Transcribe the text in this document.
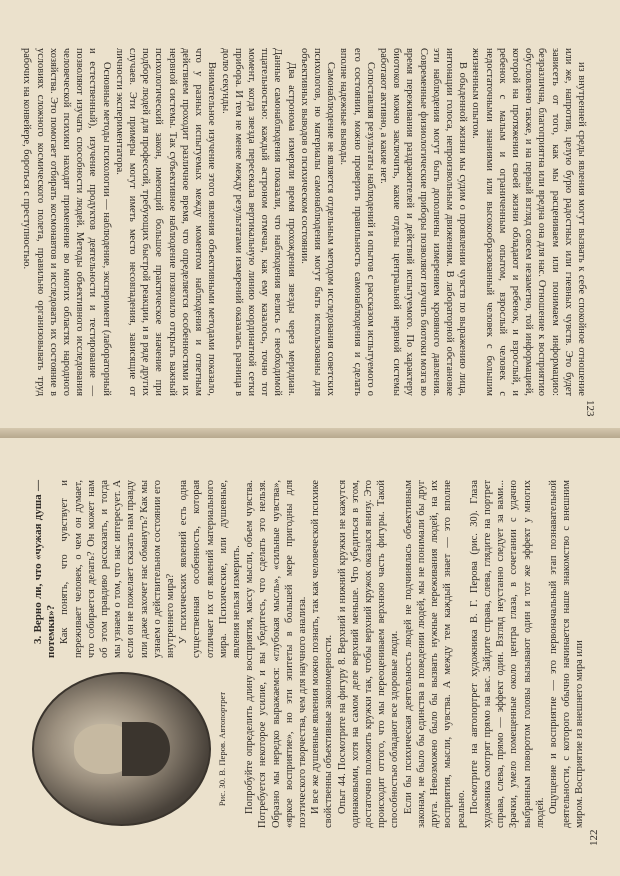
123

из внутренней среды явления могут вызвать к себе спокойное отношение или же, напротив, целую бурю радостных или гневных чувств. Это будет зависеть от того, как мы расцениваем или понимаем информацию: безразлична, благоприятна или вредна она для нас. Отношение к восприятию обусловлено также, и на первый взгляд совсем незаметно, той информацией, которой на протяжении своей жизни обладают и ребенок, и взрослый, и ребенок с малым и ограниченным опытом, взрослый человек с недостаточными знаниями или высокообразованный человек с большим жизненным опытом.

В обыденной жизни мы судим о проявлении чувств по выражению лица, интонации голоса, непроизвольным движениям. В лабораторной обстановке эти наблюдения могут быть дополнены измерением кровяного давления. Современные физиологические приборы позволяют изучить биотоки мозга во время переживания раздражителей и действий испытуемого. По характеру биотоков можно заключить, какие отделы центральной нервной системы работают активно, а какие нет.

Сопоставляя результаты наблюдений и опытов с рассказом испытуемого о его состоянии, можно проверить правильность самонаблюдения и сделать вполне надежные выводы.

Самонаблюдение не является отдельным методом исследования советских психологов, но материалы самонаблюдения могут быть использованы для объективных выводов о психическом состоянии.

Два астронома измеряли время прохождения звезды через меридиан. Данные самонаблюдения показали, что наблюдения велись с необходимой тщательностью: каждый астроном отмечал, как ему казалось, точно тот момент, когда звезда пересекала вертикальную линию координатной сетки прибора. И тем не менее между результатами измерений оказалась разница в долю секунды.

Внимательное изучение этого явления объективными методами показало, что у разных испытуемых между моментом наблюдения и ответным действием проходит различное время, что определяется особенностями их нервной системы. Так субъективное наблюдение позволило открыть важный психологический закон, имеющий большое практическое значение при подборе людей для профессий, требующих быстрой реакции, и в ряде других случаев. Эти примеры могут иметь место несовпадения, зависящие от личности экспериментатора.

Основные методы психологии — наблюдение, эксперимент (лабораторный и естественный), изучение продуктов деятельности и тестирование — позволяют изучать способности людей. Методы объективного исследования человеческой психики находят применение во многих областях народного хозяйства. Это помогает отбирать космонавтов и исследовать их состояние в условиях сложного космического полета, правильно организовывать труд рабочих на конвейере, бороться с преступностью.

122
Рис. 30. В. Перов. Автопортрет

3. Верно ли, что «чужая душа — потемки»? Как понять, что чувствует и переживает человек, о чем он думает, что собирается делать? Он может нам об этом правдиво рассказать, и тогда мы узнаем о том, что нас интересует. А если он не пожелает сказать нам правду или даже захочет нас обмануть? Как мы узнаем о действительном состоянии его внутреннего мира? У психических явлений есть одна существенная особенность, которая отличает их от явлений материального мира. Психические, или душевные, явления нельзя измерить. Попробуйте определить длину восприятия, массу мысли, объем чувства. Потребуется некоторое усилие, и вы убедитесь, что сделать это нельзя. Образно мы нередко выражаемся: «глубокая мысль», «сильные чувства», «яркое восприятие», но эти эпитеты в большей мере пригодны для поэтического творчества, чем для научного анализа. И все же душевные явления можно познать, так как человеческой психике свойственны объективные закономерности. Опыт 44. Посмотрите на фигуру 8. Верхний и нижний кружки не кажутся одинаковыми, хотя на самом деле верхний меньше. Что убедиться в этом, достаточно положить кружки так, чтобы верхний кружок оказался внизу. Это происходит оттого, что мы переоцениваем верхнюю часть фигуры. Такой способностью обладают все здоровые люди. Если бы психическая деятельность людей не подчинялась объективным законам, не было бы единства в поведении людей, мы не понимали бы друг друга. Невозможно было бы вызвать нужные переживания людей, на их восприятия, мысли, чувства. А между тем каждый знает — это вполне реально. Посмотрите на автопортрет художника В. Г. Перова (рис. 30). Глаза художника смотрят прямо на вас. Зайдите справа, слева, глядите на портрет справа, слева, прямо — эффект один. Взгляд неустанно следует за вами... Зрачки, умело помещенные около центра глаза, в сочетании с удачно выбранным поворотом головы вызывают один и тот же эффект у многих людей. Ощущение и восприятие — это первоначальный этап познавательной деятельности, с которого обычно начинается наше знакомство с внешним миром. Восприятие из внешнего мира или
